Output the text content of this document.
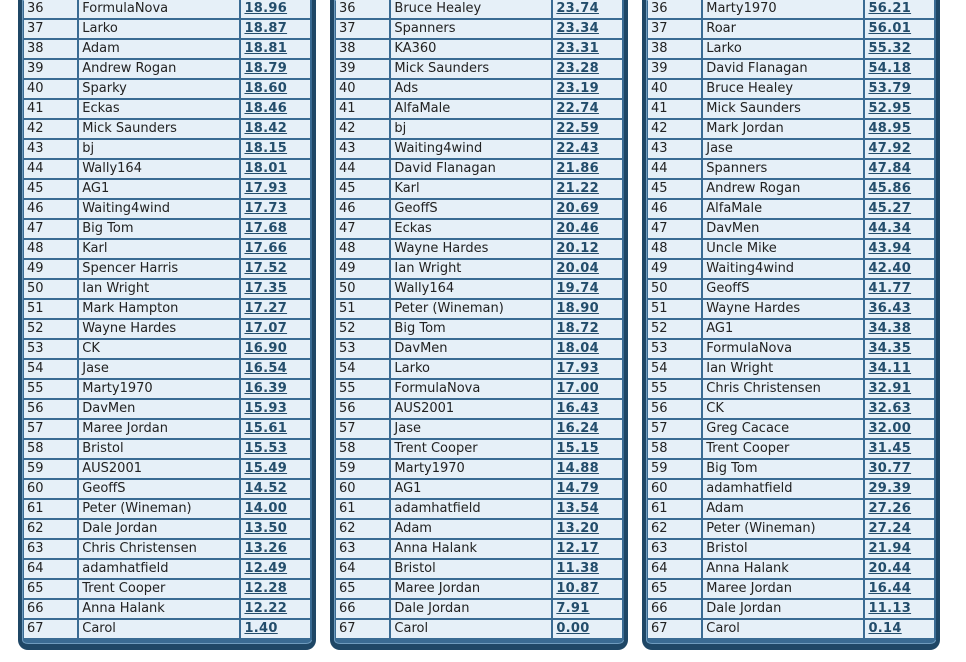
36	FormulaNova	18.96
37	Larko	18.87
38	Adam	18.81
39	Andrew Rogan	18.79
40	Sparky	18.60
41	Eckas	18.46
42	Mick Saunders	18.42
43	bj	18.15
44	Wally164	18.01
45	AG1	17.93
46	Waiting4wind	17.73
47	Big Tom	17.68
48	Karl	17.66
49	Spencer Harris	17.52
50	Ian Wright	17.35
51	Mark Hampton	17.27
52	Wayne Hardes	17.07
53	CK	16.90
54	Jase	16.54
55	Marty1970	16.39
56	DavMen	15.93
57	Maree Jordan	15.61
58	Bristol	15.53
59	AUS2001	15.49
60	GeoffS	14.52
61	Peter (Wineman)	14.00
62	Dale Jordan	13.50
63	Chris Christensen	13.26
64	adamhatfield	12.49
65	Trent Cooper	12.28
66	Anna Halank	12.22
67	Carol	1.40
36	Bruce Healey	23.74
37	Spanners	23.34
38	KA360	23.31
39	Mick Saunders	23.28
40	Ads	23.19
41	AlfaMale	22.74
42	bj	22.59
43	Waiting4wind	22.43
44	David Flanagan	21.86
45	Karl	21.22
46	GeoffS	20.69
47	Eckas	20.46
48	Wayne Hardes	20.12
49	Ian Wright	20.04
50	Wally164	19.74
51	Peter (Wineman)	18.90
52	Big Tom	18.72
53	DavMen	18.04
54	Larko	17.93
55	FormulaNova	17.00
56	AUS2001	16.43
57	Jase	16.24
58	Trent Cooper	15.15
59	Marty1970	14.88
60	AG1	14.79
61	adamhatfield	13.54
62	Adam	13.20
63	Anna Halank	12.17
64	Bristol	11.38
65	Maree Jordan	10.87
66	Dale Jordan	7.91
67	Carol	0.00
36	Marty1970	56.21
37	Roar	56.01
38	Larko	55.32
39	David Flanagan	54.18
40	Bruce Healey	53.79
41	Mick Saunders	52.95
42	Mark Jordan	48.95
43	Jase	47.92
44	Spanners	47.84
45	Andrew Rogan	45.86
46	AlfaMale	45.27
47	DavMen	44.34
48	Uncle Mike	43.94
49	Waiting4wind	42.40
50	GeoffS	41.77
51	Wayne Hardes	36.43
52	AG1	34.38
53	FormulaNova	34.35
54	Ian Wright	34.11
55	Chris Christensen	32.91
56	CK	32.63
57	Greg Cacace	32.00
58	Trent Cooper	31.45
59	Big Tom	30.77
60	adamhatfield	29.39
61	Adam	27.26
62	Peter (Wineman)	27.24
63	Bristol	21.94
64	Anna Halank	20.44
65	Maree Jordan	16.44
66	Dale Jordan	11.13
67	Carol	0.14
